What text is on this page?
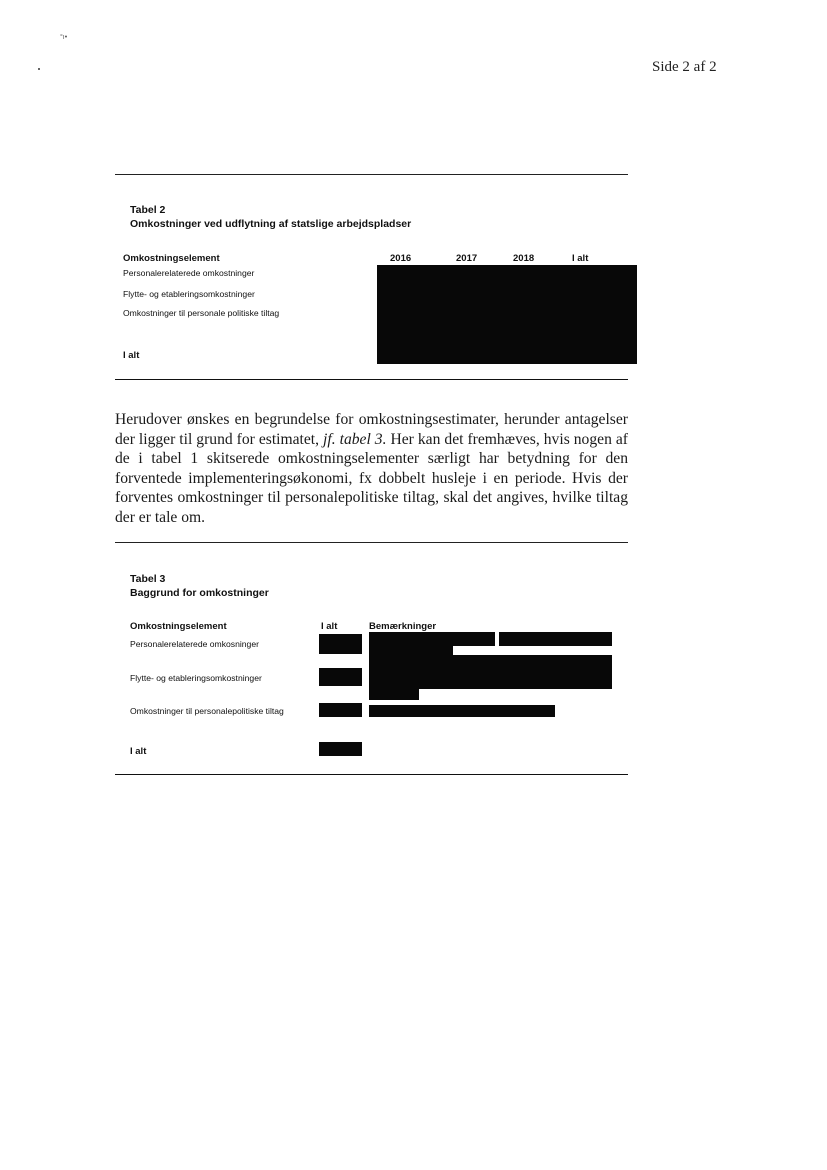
°ı•
Side 2 af 2
Tabel 2
Omkostninger ved udflytning af statslige arbejdspladser
Omkostningselement	2016	2017	2018	I alt
Personalerelaterede omkostninger
Flytte- og etableringsomkostninger
Omkostninger til personale politiske tiltag
I alt
Herudover ønskes en begrundelse for omkostningsestimater, herunder antagelser der ligger til grund for estimatet, jf. tabel 3. Her kan det fremhæves, hvis nogen af de i tabel 1 skitserede omkostningselementer særligt har betydning for den forventede implementeringsøkonomi, fx dobbelt husleje i en periode. Hvis der forventes omkostninger til personalepolitiske tiltag, skal det angives, hvilke tiltag der er tale om.
Tabel 3
Baggrund for omkostninger
Omkostningselement	I alt	Bemærkninger
Personalerelaterede omkosninger
Flytte- og etableringsomkostninger
Omkostninger til personalepolitiske tiltag
I alt
